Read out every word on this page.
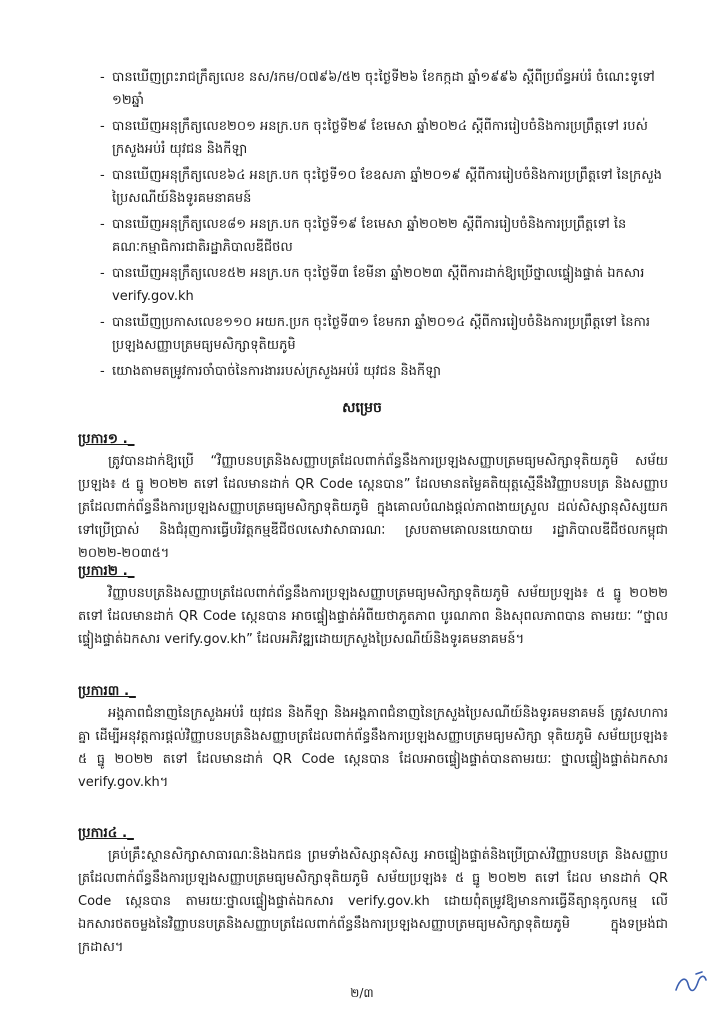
- បានឃើញព្រះរាជក្រឹត្យលេខ នស/រកម/០៧៩៦/៥២ ចុះថ្ងៃទី២៦ ខែកក្កដា ឆ្នាំ១៩៩៦ ស្តីពីប្រព័ន្ធអប់រំ ចំណេះទូទៅ ១២ឆ្នាំ
- បានឃើញអនុក្រឹត្យលេខ២០១ អនក្រ.បក ចុះថ្ងៃទី២៩ ខែមេសា ឆ្នាំ២០២៤ ស្តីពីការរៀបចំនិងការប្រព្រឹត្តទៅ របស់ក្រសួងអប់រំ យុវជន និងកីឡា
- បានឃើញអនុក្រឹត្យលេខ៦៤ អនក្រ.បក ចុះថ្ងៃទី១០ ខែឧសភា ឆ្នាំ២០១៩ ស្តីពីការរៀបចំនិងការប្រព្រឹត្តទៅ នៃក្រសួងប្រៃសណីយ៍និងទូរគមនាគមន៍
- បានឃើញអនុក្រឹត្យលេខ៨១ អនក្រ.បក ចុះថ្ងៃទី១៩ ខែមេសា ឆ្នាំ២០២២ ស្តីពីការរៀបចំនិងការប្រព្រឹត្តទៅ នៃគណៈកម្មាធិការជាតិរដ្ឋាភិបាលឌីជីថល
- បានឃើញអនុក្រឹត្យលេខ៥២ អនក្រ.បក ចុះថ្ងៃទី៣ ខែមីនា ឆ្នាំ២០២៣ ស្តីពីការដាក់ឱ្យប្រើថ្នាលផ្ទៀងផ្ទាត់ ឯកសារ verify.gov.kh
- បានឃើញប្រកាសលេខ១១០ អយក.ប្រក ចុះថ្ងៃទី៣១ ខែមករា ឆ្នាំ២០១៤ ស្តីពីការរៀបចំនិងការប្រព្រឹត្តទៅ នៃការប្រឡងសញ្ញាបត្រមធ្យមសិក្សាទុតិយភូមិ
- យោងតាមតម្រូវការចាំបាច់នៃការងាររបស់ក្រសួងអប់រំ យុវជន និងកីឡា
សម្រេច
ប្រការ១ ._

ត្រូវបានដាក់ឱ្យប្រើ “វិញ្ញាបនបត្រនិងសញ្ញាបត្រដែលពាក់ព័ន្ធនឹងការប្រឡងសញ្ញាបត្រមធ្យមសិក្សាទុតិយភូមិ សម័យប្រឡង៖ ៥ ធ្នូ ២០២២ តទៅ ដែលមានដាក់ QR Code ស្កេនបាន” ដែលមានតម្លៃគតិយុត្តស្មើនឹងវិញ្ញាបនបត្រ និងសញ្ញាបត្រដែលពាក់ព័ន្ធនឹងការប្រឡងសញ្ញាបត្រមធ្យមសិក្សាទុតិយភូមិ ក្នុងគោលបំណងផ្តល់ភាពងាយស្រួល ដល់សិស្សានុសិស្សយកទៅប្រើប្រាស់ និងជំរុញការធ្វើបរិវត្តកម្មឌីជីថលសេវាសាធារណៈ ស្របតាមគោលនយោបាយ រដ្ឋាភិបាលឌីជីថលកម្ពុជា ២០២២-២០៣៥។

ប្រការ២ ._

វិញ្ញាបនបត្រនិងសញ្ញាបត្រដែលពាក់ព័ន្ធនឹងការប្រឡងសញ្ញាបត្រមធ្យមសិក្សាទុតិយភូមិ សម័យប្រឡង៖ ៥ ធ្នូ ២០២២ តទៅ ដែលមានដាក់ QR Code ស្កេនបាន អាចផ្ទៀងផ្ទាត់អំពីយថាភូតភាព បូរណភាព និងសុពលភាពបាន តាមរយៈ “ថ្នាលផ្ទៀងផ្ទាត់ឯកសារ verify.gov.kh” ដែលអភិវឌ្ឍដោយក្រសួងប្រៃសណីយ៍និងទូរគមនាគមន៍។

ប្រការ៣ ._

អង្គភាពជំនាញនៃក្រសួងអប់រំ យុវជន និងកីឡា និងអង្គភាពជំនាញនៃក្រសួងប្រៃសណីយ៍និងទូរគមនាគមន៍ ត្រូវសហការគ្នា ដើម្បីអនុវត្តការផ្តល់វិញ្ញាបនបត្រនិងសញ្ញាបត្រដែលពាក់ព័ន្ធនឹងការប្រឡងសញ្ញាបត្រមធ្យមសិក្សា ទុតិយភូមិ សម័យប្រឡង៖ ៥ ធ្នូ ២០២២ តទៅ ដែលមានដាក់ QR Code ស្កេនបាន ដែលអាចផ្ទៀងផ្ទាត់បានតាមរយៈ ថ្នាលផ្ទៀងផ្ទាត់ឯកសារ verify.gov.kh។

ប្រការ៤ ._

គ្រប់គ្រឹះស្ថានសិក្សាសាធារណៈនិងឯកជន ព្រមទាំងសិស្សានុសិស្ស អាចផ្ទៀងផ្ទាត់និងប្រើប្រាស់វិញ្ញាបនបត្រ និងសញ្ញាបត្រដែលពាក់ព័ន្ធនឹងការប្រឡងសញ្ញាបត្រមធ្យមសិក្សាទុតិយភូមិ សម័យប្រឡង៖ ៥ ធ្នូ ២០២២ តទៅ ដែល មានដាក់ QR Code ស្កេនបាន តាមរយៈថ្នាលផ្ទៀងផ្ទាត់ឯកសារ verify.gov.kh ដោយពុំតម្រូវឱ្យមានការធ្វើនីត្យានុកូលកម្ម លើឯកសារថតចម្លងនៃវិញ្ញាបនបត្រនិងសញ្ញាបត្រដែលពាក់ព័ន្ធនឹងការប្រឡងសញ្ញាបត្រមធ្យមសិក្សាទុតិយភូមិ ក្នុងទម្រង់ជាក្រដាស។

២/៣
